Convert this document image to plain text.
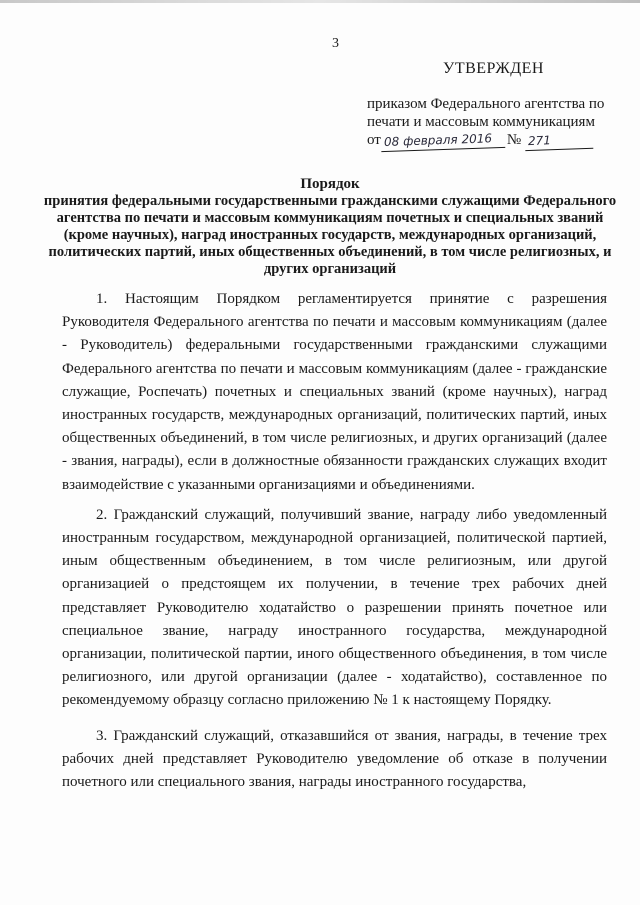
3
УТВЕРЖДЕН
приказом Федерального агентства по
печати и массовым коммуникациям
от 08 февраля 2016 № 271
Порядок
принятия федеральными государственными гражданскими служащими Федерального агентства по печати и массовым коммуникациям почетных и специальных званий (кроме научных), наград иностранных государств, международных организаций, политических партий, иных общественных объединений, в том числе религиозных, и других организаций

1. Настоящим Порядком регламентируется принятие с разрешения Руководителя Федерального агентства по печати и массовым коммуникациям (далее - Руководитель) федеральными государственными гражданскими служащими Федерального агентства по печати и массовым коммуникациям (далее - гражданские служащие, Роспечать) почетных и специальных званий (кроме научных), наград иностранных государств, международных организаций, политических партий, иных общественных объединений, в том числе религиозных, и других организаций (далее - звания, награды), если в должностные обязанности гражданских служащих входит взаимодействие с указанными организациями и объединениями.

2. Гражданский служащий, получивший звание, награду либо уведомленный иностранным государством, международной организацией, политической партией, иным общественным объединением, в том числе религиозным, или другой организацией о предстоящем их получении, в течение трех рабочих дней представляет Руководителю ходатайство о разрешении принять почетное или специальное звание, награду иностранного государства, международной организации, политической партии, иного общественного объединения, в том числе религиозного, или другой организации (далее - ходатайство), составленное по рекомендуемому образцу согласно приложению № 1 к настоящему Порядку.

3. Гражданский служащий, отказавшийся от звания, награды, в течение трех рабочих дней представляет Руководителю уведомление об отказе в получении почетного или специального звания, награды иностранного государства,
